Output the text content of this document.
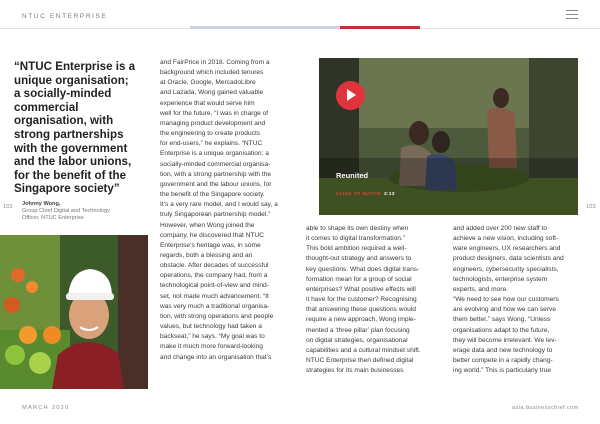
NTUC ENTERPRISE
“NTUC Enterprise is a
unique organisation;
a socially-minded
commercial
organisation, with
strong partnerships
with the government
and the labor unions,
for the benefit of the
Singapore society”
Johnny Wong,
Group Chief Digital and Technology
Officer, NTUC Enterprise
102	103
and FairPrice in 2018. Coming from a
background which included tenures
at Oracle, Google, MercadoLibre
and Lazada, Wong gained valuable
experience that would serve him
well for the future. “I was in charge of
managing product development and
the engineering to create products
for end-users,” he explains. “NTUC
Enterprise is a unique organisation; a
socially-minded commercial organisa-
tion, with a strong partnership with the
government and the labour unions, for
the benefit of the Singapore society.
It’s a very rare model, and I would say, a
truly Singaporean partnership model.”
However, when Wong joined the
company, he discovered that NTUC
Enterprise’s heritage was, in some
regards, both a blessing and an
obstacle. After decades of successful
operations, the company had, from a
technological point-of-view and mind-
set, not made much advancement. “It
was very much a traditional organisa-
tion, with strong operations and people
values, but technology had taken a
backseat,” he says. “My goal was to
make it much more forward-looking
and change into an organisation that’s
Reunited
CLICK TO WATCH 3:13
able to shape its own destiny when
it comes to digital transformation.”
This bold ambition required a well-
thought-out strategy and answers to
key questions. What does digital trans-
formation mean for a group of social
enterprises? What positive effects will
it have for the customer? Recognising
that answering these questions would
require a new approach, Wong imple-
mented a ‘three pillar’ plan focusing
on digital strategies, organisational
capabilities and a cultural mindset shift.
NTUC Enterprise then defined digital
strategies for its main businesses
and added over 200 new staff to
achieve a new vision, including soft-
ware engineers, UX researchers and
product designers, data scientists and
engineers, cybersecurity specialists,
technologists, enterprise system
experts, and more.
“We need to see how our customers
are evolving and how we can serve
them better,” says Wong. “Unless
organisations adapt to the future,
they will become irrelevant. We lev-
erage data and new technology to
better compete in a rapidly chang-
ing world.” This is particularly true
MARCH 2020	asia.businesschief.com
